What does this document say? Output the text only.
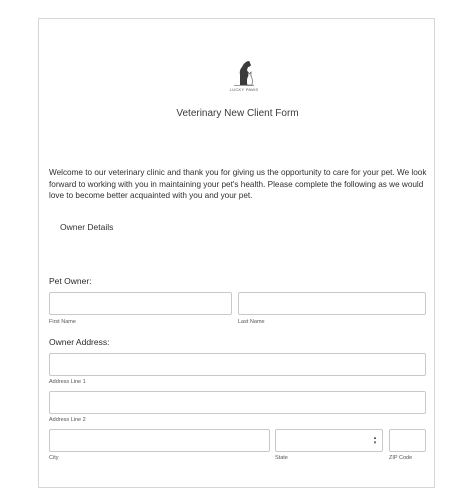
LUCKY PAWS
Veterinary New Client Form

Welcome to our veterinary clinic and thank you for giving us the opportunity to care for your pet. We look forward to working with you in maintaining your pet's health. Please complete the following as we would love to become better acquainted with you and your pet.

Owner Details
Pet Owner:
First Name	Last Name
Owner Address:
Address Line 1
Address Line 2
City
▴
▾
State	ZIP Code
